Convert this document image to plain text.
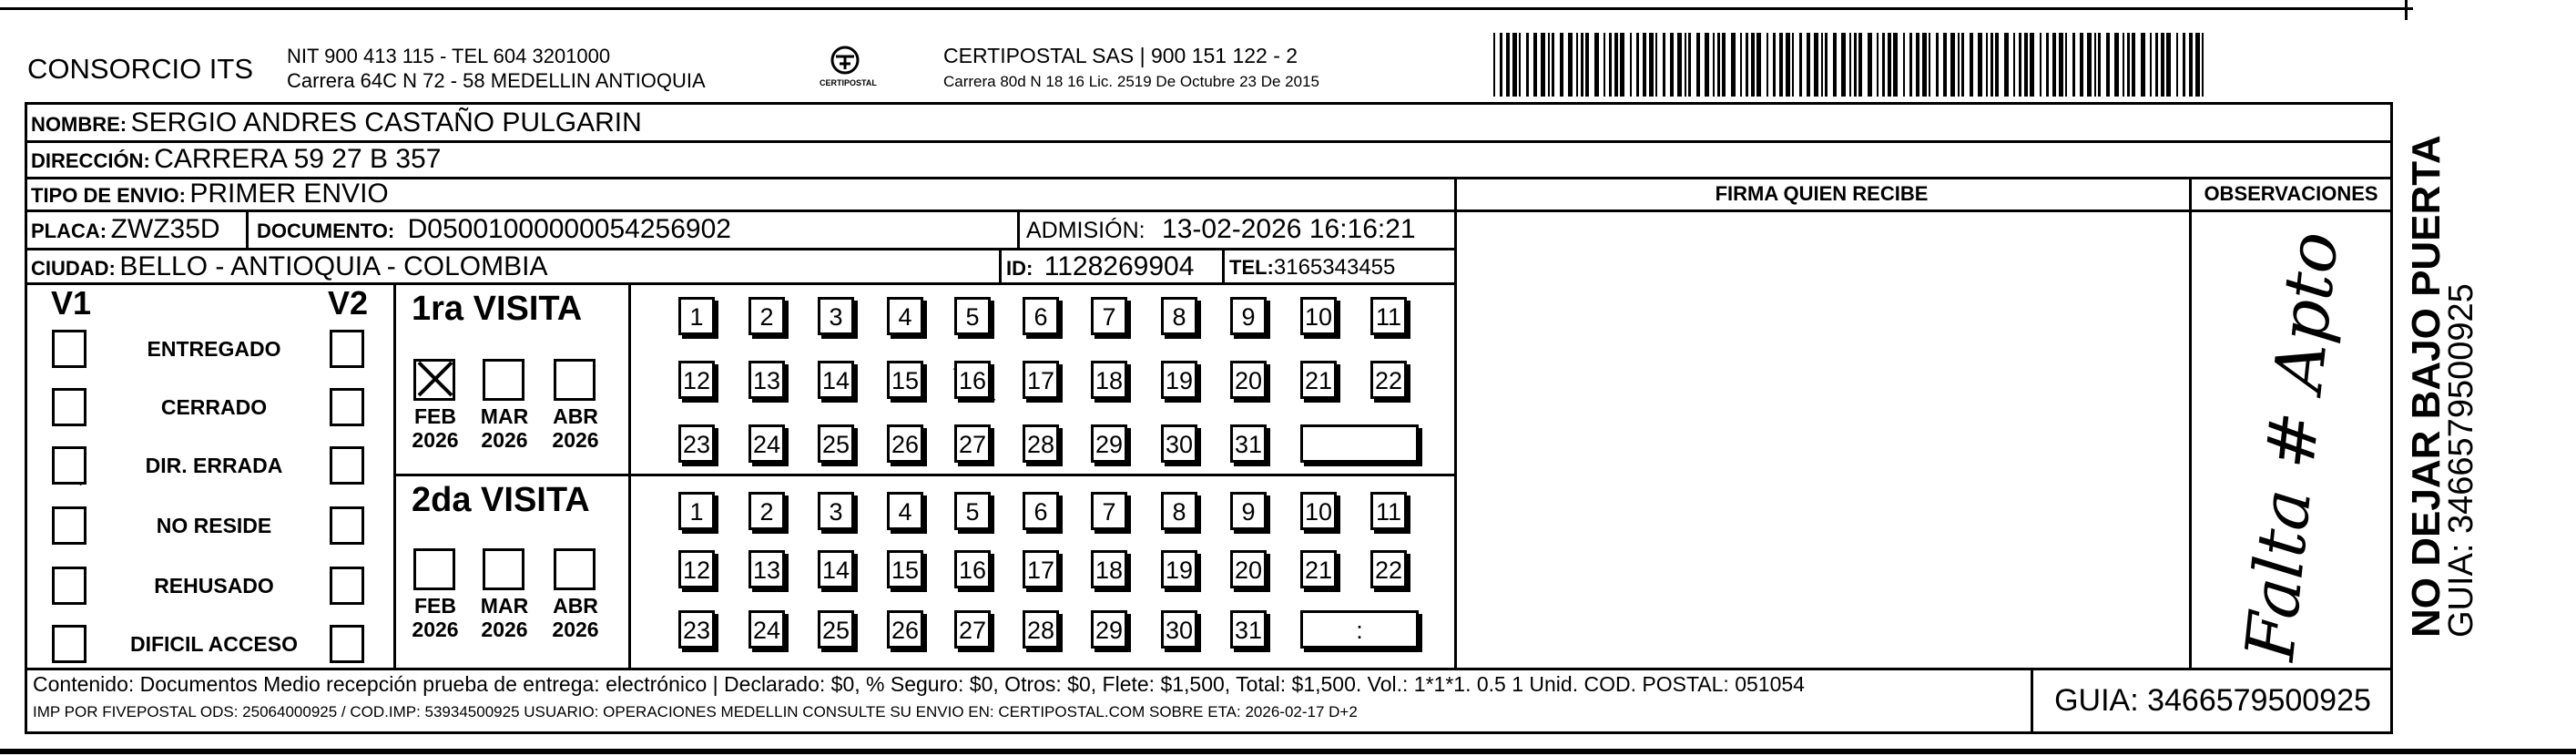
CONSORCIO ITS NIT 900 413 115 - TEL 604 3201000
Carrera 64C N 72 - 58 MEDELLIN ANTIOQUIA	CERTIPOSTAL
CERTIPOSTAL SAS | 900 151 122 - 2
Carrera 80d N 18 16 Lic. 2519 De Octubre 23 De 2015
NOMBRE: SERGIO ANDRES CASTAÑO PULGARIN
DIRECCIÓN: CARRERA 59 27 B 357
TIPO DE ENVIO: PRIMER ENVIO	FIRMA QUIEN RECIBE	OBSERVACIONES
PLACA: ZWZ35D DOCUMENTO: D05001000000054256902	ADMISIÓN: 13-02-2026 16:16:21
CIUDAD: BELLO - ANTIOQUIA - COLOMBIA	ID: 1128269904 TEL:3165343455
V1	V2 1ra VISITA
2da VISITA	Falta # Apto NO DEJAR BAJO PUERTA
GUIA: 3466579500925
Contenido: Documentos Medio recepción prueba de entrega: electrónico | Declarado: $0, % Seguro: $0, Otros: $0, Flete: $1,500, Total: $1,500. Vol.: 1*1*1. 0.5 1 Unid. COD. POSTAL: 051054
IMP POR FIVEPOSTAL ODS: 25064000925 / COD.IMP: 53934500925 USUARIO: OPERACIONES MEDELLIN CONSULTE SU ENVIO EN: CERTIPOSTAL.COM SOBRE ETA: 2026-02-17 D+2	GUIA: 3466579500925
ENTREGADO
CERRADO
DIR. ERRADA
NO RESIDE
REHUSADO
DIFICIL ACCESO
FEB
2026
MAR
2026
ABR
2026
FEB
2026
MAR
2026
ABR
2026
1	2	3	4	5	6	7	8	9	10 11
12 13 14 15 16 17 18 19 20 21 22
23 24 25 26 27 28 29 30 31
1	2	3	4	5	6	7	8	9	10 11
12 13 14 15 16 17 18 19 20 21 22
23 24 25 26 27 28 29 30 31	:
